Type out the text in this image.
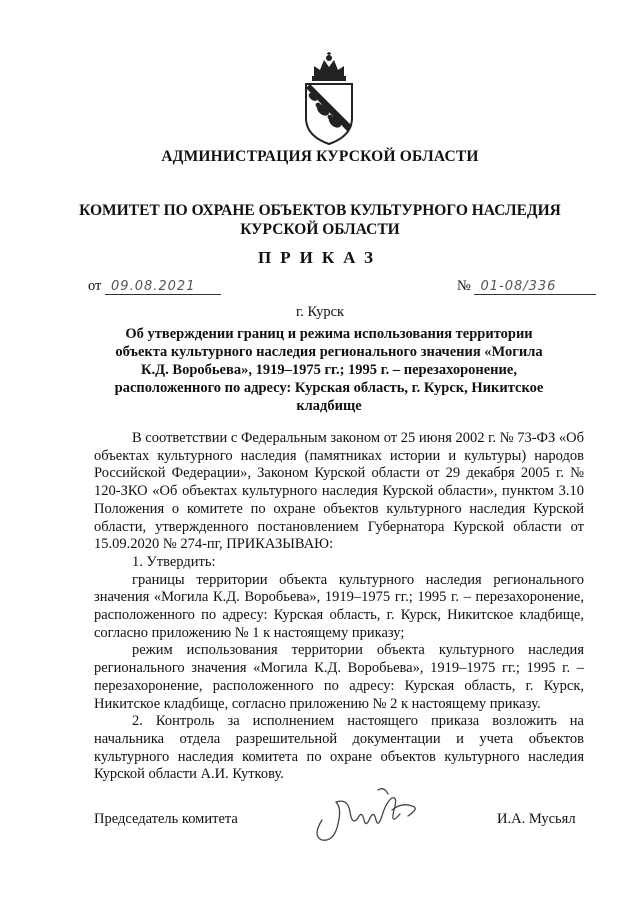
АДМИНИСТРАЦИЯ КУРСКОЙ ОБЛАСТИ
КОМИТЕТ ПО ОХРАНЕ ОБЪЕКТОВ КУЛЬТУРНОГО НАСЛЕДИЯ КУРСКОЙ ОБЛАСТИ
ПРИКАЗ
от 09.08.2021	№ 01-08/336
г. Курск
Об утверждении границ и режима использования территории объекта культурного наследия регионального значения «Могила К.Д. Воробьева», 1919–1975 гг.; 1995 г. – перезахоронение, расположенного по адресу: Курская область, г. Курск, Никитское кладбище

В соответствии с Федеральным законом от 25 июня 2002 г. № 73-ФЗ «Об объектах культурного наследия (памятниках истории и культуры) народов Российской Федерации», Законом Курской области от 29 декабря 2005 г. № 120-ЗКО «Об объектах культурного наследия Курской области», пунктом 3.10 Положения о комитете по охране объектов культурного наследия Курской области, утвержденного постановлением Губернатора Курской области от 15.09.2020 № 274-пг, ПРИКАЗЫВАЮ:

1. Утвердить:

границы территории объекта культурного наследия регионального значения «Могила К.Д. Воробьева», 1919–1975 гг.; 1995 г. – перезахоронение, расположенного по адресу: Курская область, г. Курск, Никитское кладбище, согласно приложению № 1 к настоящему приказу;

режим использования территории объекта культурного наследия регионального значения «Могила К.Д. Воробьева», 1919–1975 гг.; 1995 г. – перезахоронение, расположенного по адресу: Курская область, г. Курск, Никитское кладбище, согласно приложению № 2 к настоящему приказу.

2. Контроль за исполнением настоящего приказа возложить на начальника отдела разрешительной документации и учета объектов культурного наследия комитета по охране объектов культурного наследия Курской области А.И. Куткову.

Председатель комитета	И.А. Мусьял
